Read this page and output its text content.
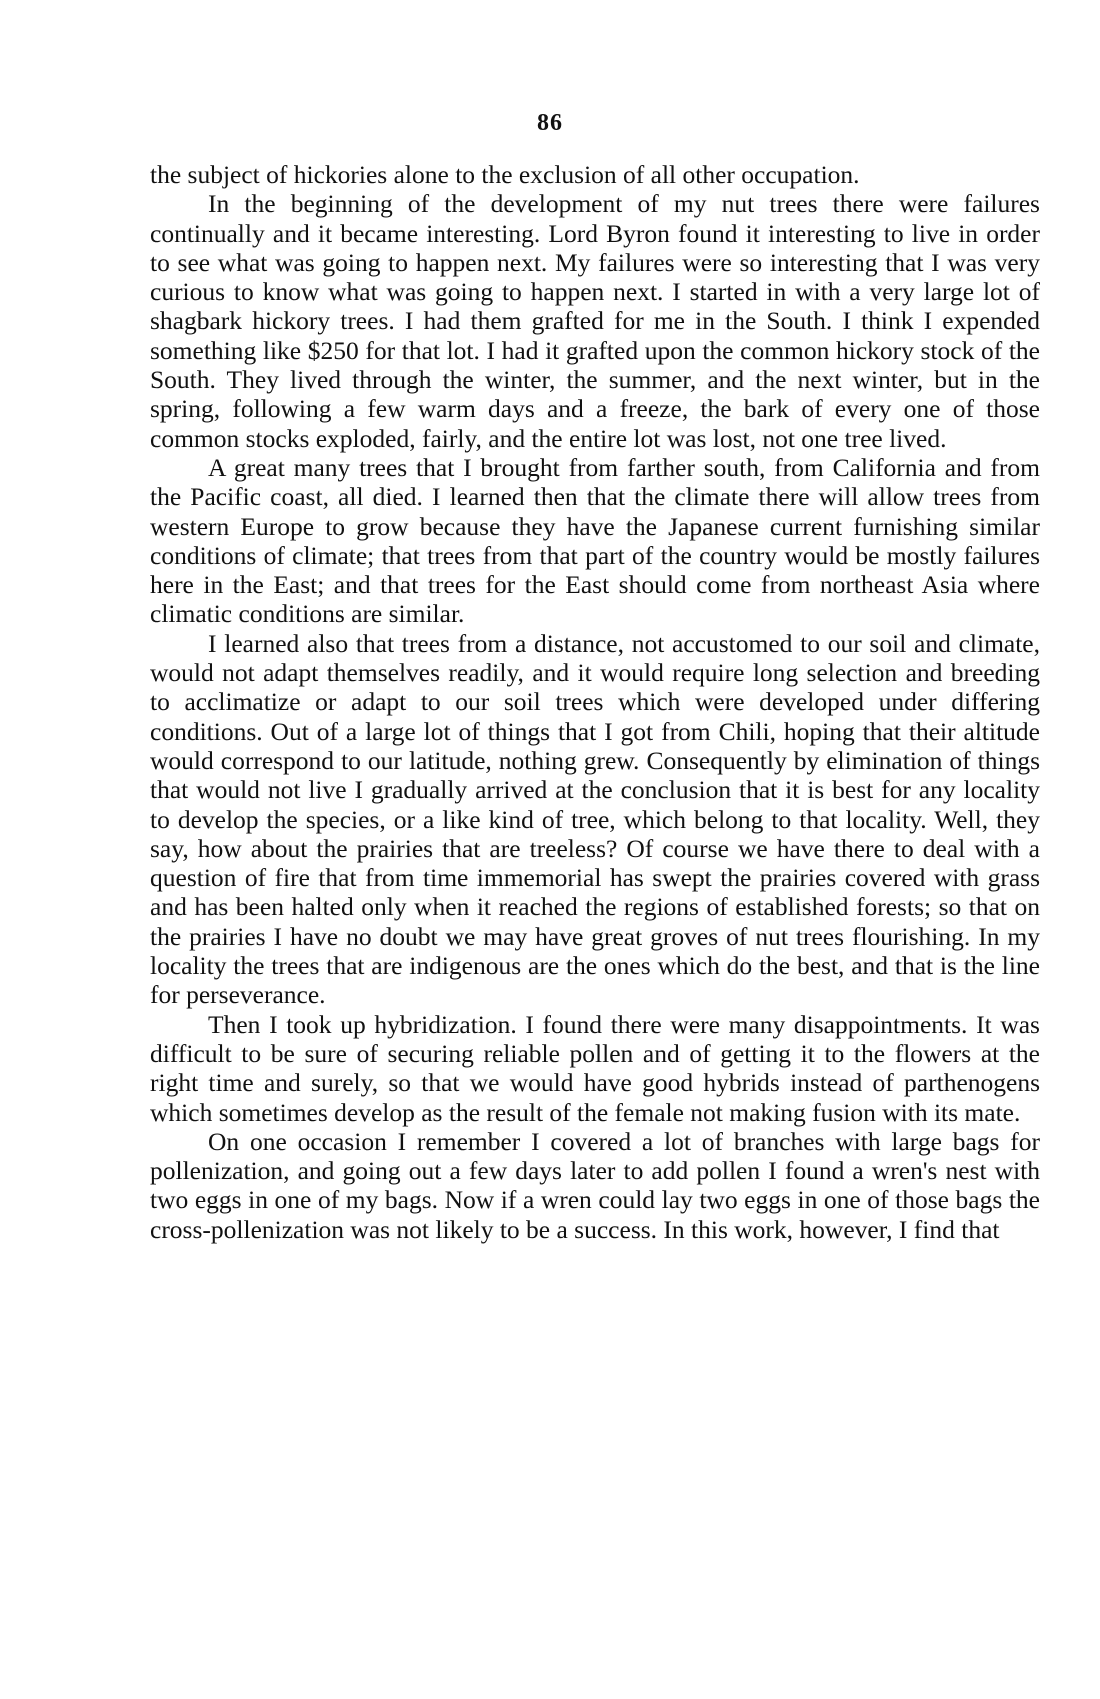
86

the subject of hickories alone to the exclusion of all other occupation.

In the beginning of the development of my nut trees there were failures continually and it became interesting. Lord Byron found it interesting to live in order to see what was going to happen next. My failures were so interesting that I was very curious to know what was going to happen next. I started in with a very large lot of shagbark hickory trees. I had them grafted for me in the South. I think I expended something like $250 for that lot. I had it grafted upon the common hickory stock of the South. They lived through the winter, the summer, and the next winter, but in the spring, following a few warm days and a freeze, the bark of every one of those common stocks exploded, fairly, and the entire lot was lost, not one tree lived.

A great many trees that I brought from farther south, from California and from the Pacific coast, all died. I learned then that the climate there will allow trees from western Europe to grow because they have the Japanese current furnishing similar conditions of climate; that trees from that part of the country would be mostly failures here in the East; and that trees for the East should come from northeast Asia where climatic conditions are similar.

I learned also that trees from a distance, not accustomed to our soil and climate, would not adapt themselves readily, and it would require long selection and breeding to acclimatize or adapt to our soil trees which were developed under differing conditions. Out of a large lot of things that I got from Chili, hoping that their altitude would correspond to our latitude, nothing grew. Consequently by elimination of things that would not live I gradually arrived at the conclusion that it is best for any locality to develop the species, or a like kind of tree, which belong to that locality. Well, they say, how about the prairies that are treeless? Of course we have there to deal with a question of fire that from time immemorial has swept the prairies covered with grass and has been halted only when it reached the regions of established forests; so that on the prairies I have no doubt we may have great groves of nut trees flourishing. In my locality the trees that are indigenous are the ones which do the best, and that is the line for perseverance.

Then I took up hybridization. I found there were many disappointments. It was difficult to be sure of securing reliable pollen and of getting it to the flowers at the right time and surely, so that we would have good hybrids instead of parthenogens which sometimes develop as the result of the female not making fusion with its mate.

On one occasion I remember I covered a lot of branches with large bags for pollenization, and going out a few days later to add pollen I found a wren's nest with two eggs in one of my bags. Now if a wren could lay two eggs in one of those bags the cross-pollenization was not likely to be a success. In this work, however, I find that
